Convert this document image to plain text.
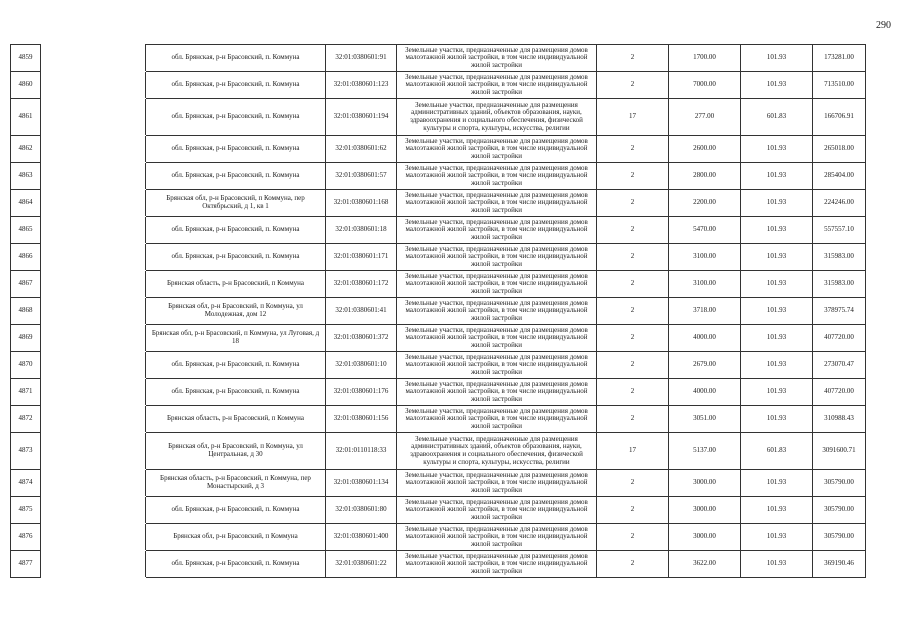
290
4859		обл. Брянская, р-н Брасовский, п. Коммуна	32:01:0380601:91	Земельные участки, предназначенные для размещения домов малоэтажной жилой застройки, в том числе индивидуальной жилой застройки	2	1700.00	101.93	173281.00
4860		обл. Брянская, р-н Брасовский, п. Коммуна	32:01:0380601:123	Земельные участки, предназначенные для размещения домов малоэтажной жилой застройки, в том числе индивидуальной жилой застройки	2	7000.00	101.93	713510.00
4861		обл. Брянская, р-н Брасовский, п. Коммуна	32:01:0380601:194	Земельные участки, предназначенные для размещения административных зданий, объектов образования, науки, здравоохранения и социального обеспечения, физической культуры и спорта, культуры, искусства, религии	17	277.00	601.83	166706.91
4862		обл. Брянская, р-н Брасовский, п. Коммуна	32:01:0380601:62	Земельные участки, предназначенные для размещения домов малоэтажной жилой застройки, в том числе индивидуальной жилой застройки	2	2600.00	101.93	265018.00
4863		обл. Брянская, р-н Брасовский, п. Коммуна	32:01:0380601:57	Земельные участки, предназначенные для размещения домов малоэтажной жилой застройки, в том числе индивидуальной жилой застройки	2	2800.00	101.93	285404.00
4864		Брянская обл, р-н Брасовский, п Коммуна, пер Октябрьский, д 1, кв 1	32:01:0380601:168	Земельные участки, предназначенные для размещения домов малоэтажной жилой застройки, в том числе индивидуальной жилой застройки	2	2200.00	101.93	224246.00
4865		обл. Брянская, р-н Брасовский, п. Коммуна	32:01:0380601:18	Земельные участки, предназначенные для размещения домов малоэтажной жилой застройки, в том числе индивидуальной жилой застройки	2	5470.00	101.93	557557.10
4866		обл. Брянская, р-н Брасовский, п. Коммуна	32:01:0380601:171	Земельные участки, предназначенные для размещения домов малоэтажной жилой застройки, в том числе индивидуальной жилой застройки	2	3100.00	101.93	315983.00
4867		Брянская область, р-н Брасовский, п Коммуна	32:01:0380601:172	Земельные участки, предназначенные для размещения домов малоэтажной жилой застройки, в том числе индивидуальной жилой застройки	2	3100.00	101.93	315983.00
4868		Брянская обл, р-н Брасовский, п Коммуна, ул Молодежная, дом 12	32:01:0380601:41	Земельные участки, предназначенные для размещения домов малоэтажной жилой застройки, в том числе индивидуальной жилой застройки	2	3718.00	101.93	378975.74
4869		Брянская обл, р-н Брасовский, п Коммуна, ул Луговая, д 18	32:01:0380601:372	Земельные участки, предназначенные для размещения домов малоэтажной жилой застройки, в том числе индивидуальной жилой застройки	2	4000.00	101.93	407720.00
4870		обл. Брянская, р-н Брасовский, п. Коммуна	32:01:0380601:10	Земельные участки, предназначенные для размещения домов малоэтажной жилой застройки, в том числе индивидуальной жилой застройки	2	2679.00	101.93	273070.47
4871		обл. Брянская, р-н Брасовский, п. Коммуна	32:01:0380601:176	Земельные участки, предназначенные для размещения домов малоэтажной жилой застройки, в том числе индивидуальной жилой застройки	2	4000.00	101.93	407720.00
4872		Брянская область, р-н Брасовский, п Коммуна	32:01:0380601:156	Земельные участки, предназначенные для размещения домов малоэтажной жилой застройки, в том числе индивидуальной жилой застройки	2	3051.00	101.93	310988.43
4873		Брянская обл, р-н Брасовский, п Коммуна, ул Центральная, д 30	32:01:0110118:33	Земельные участки, предназначенные для размещения административных зданий, объектов образования, науки, здравоохранения и социального обеспечения, физической культуры и спорта, культуры, искусства, религии	17	5137.00	601.83	3091600.71
4874		Брянская область, р-н Брасовский, п Коммуна, пер Монастырский, д 3	32:01:0380601:134	Земельные участки, предназначенные для размещения домов малоэтажной жилой застройки, в том числе индивидуальной жилой застройки	2	3000.00	101.93	305790.00
4875		обл. Брянская, р-н Брасовский, п. Коммуна	32:01:0380601:80	Земельные участки, предназначенные для размещения домов малоэтажной жилой застройки, в том числе индивидуальной жилой застройки	2	3000.00	101.93	305790.00
4876		Брянская обл, р-н Брасовский, п Коммуна	32:01:0380601:400	Земельные участки, предназначенные для размещения домов малоэтажной жилой застройки, в том числе индивидуальной жилой застройки	2	3000.00	101.93	305790.00
4877		обл. Брянская, р-н Брасовский, п. Коммуна	32:01:0380601:22	Земельные участки, предназначенные для размещения домов малоэтажной жилой застройки, в том числе индивидуальной жилой застройки	2	3622.00	101.93	369190.46
